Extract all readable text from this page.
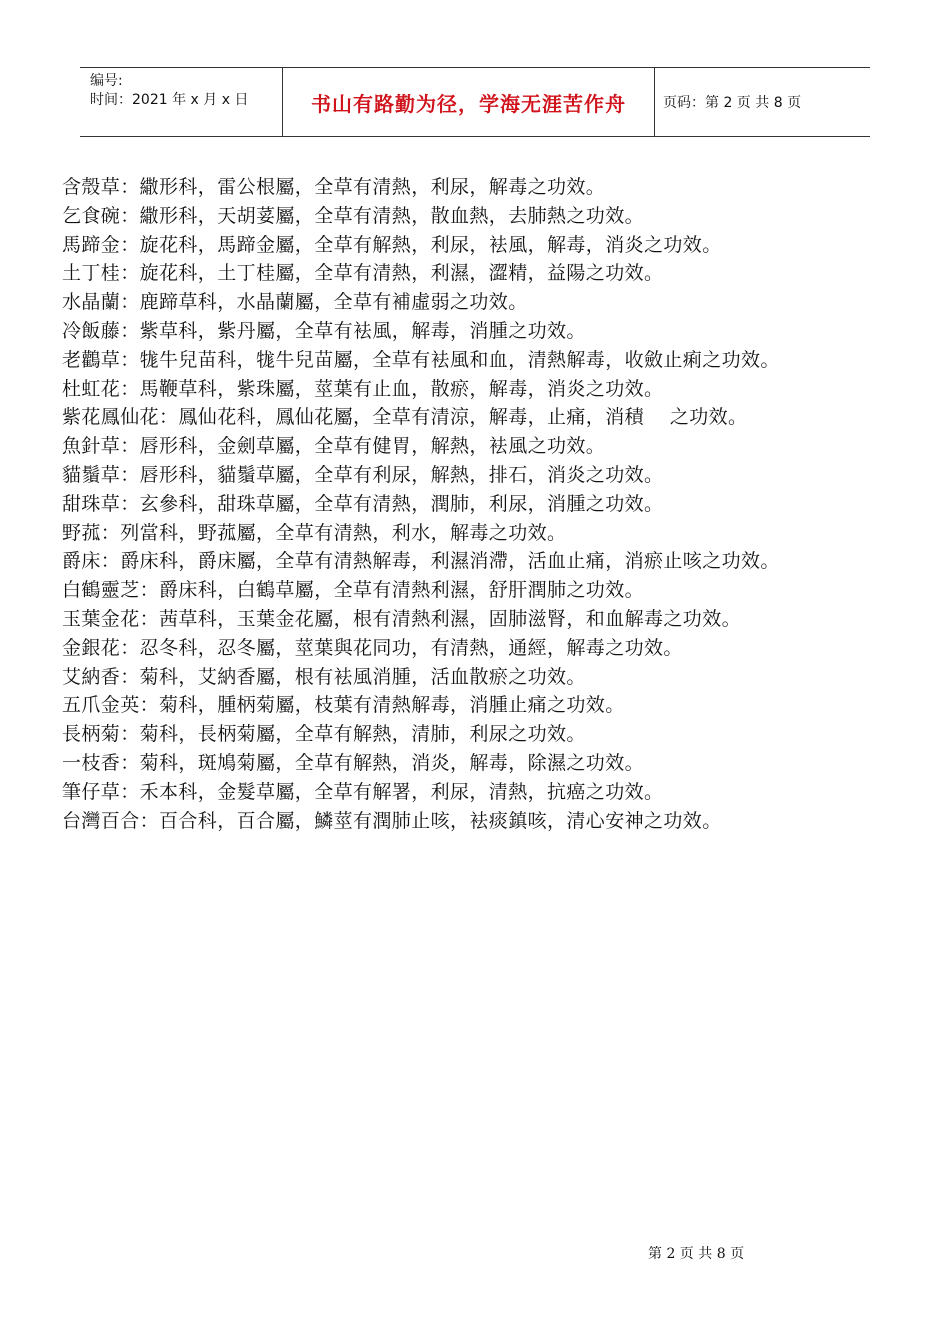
编号:
时间：2021 年 x 月 x 日	书山有路勤为径，学海无涯苦作舟	页码：第 2 页 共 8 页
含殼草：繖形科，雷公根屬，全草有清熱，利尿，解毒之功效。
乞食碗：繖形科，天胡荽屬，全草有清熱，散血熱，去肺熱之功效。
馬蹄金：旋花科，馬蹄金屬，全草有解熱，利尿，袪風，解毒，消炎之功效。
土丁桂：旋花科，土丁桂屬，全草有清熱，利濕，澀精，益陽之功效。
水晶蘭：鹿蹄草科，水晶蘭屬，全草有補虛弱之功效。
冷飯藤：紫草科，紫丹屬，全草有袪風，解毒，消腫之功效。
老鸛草：牻牛兒苗科，牻牛兒苗屬，全草有袪風和血，清熱解毒，收斂止痢之功效。
杜虹花：馬鞭草科，紫珠屬，莖葉有止血，散瘀，解毒，消炎之功效。
紫花鳳仙花：鳳仙花科，鳳仙花屬，全草有清涼，解毒，止痛，消積　 之功效。
魚針草：唇形科，金劍草屬，全草有健胃，解熱，袪風之功效。
貓鬚草：唇形科，貓鬚草屬，全草有利尿，解熱，排石，消炎之功效。
甜珠草：玄參科，甜珠草屬，全草有清熱，潤肺，利尿，消腫之功效。
野菰：列當科，野菰屬，全草有清熱，利水，解毒之功效。
爵床：爵床科，爵床屬，全草有清熱解毒，利濕消滯，活血止痛，消瘀止咳之功效。
白鶴靈芝：爵床科，白鶴草屬，全草有清熱利濕，舒肝潤肺之功效。
玉葉金花：茜草科，玉葉金花屬，根有清熱利濕，固肺滋腎，和血解毒之功效。
金銀花：忍冬科，忍冬屬，莖葉與花同功，有清熱，通經，解毒之功效。
艾納香：菊科，艾納香屬，根有袪風消腫，活血散瘀之功效。
五爪金英：菊科，腫柄菊屬，枝葉有清熱解毒，消腫止痛之功效。
長柄菊：菊科，長柄菊屬，全草有解熱，清肺，利尿之功效。
一枝香：菊科，斑鳩菊屬，全草有解熱，消炎，解毒，除濕之功效。
筆仔草：禾本科，金髮草屬，全草有解署，利尿，清熱，抗癌之功效。
台灣百合：百合科，百合屬，鱗莖有潤肺止咳，袪痰鎮咳，清心安神之功效。
第 2 页 共 8 页
